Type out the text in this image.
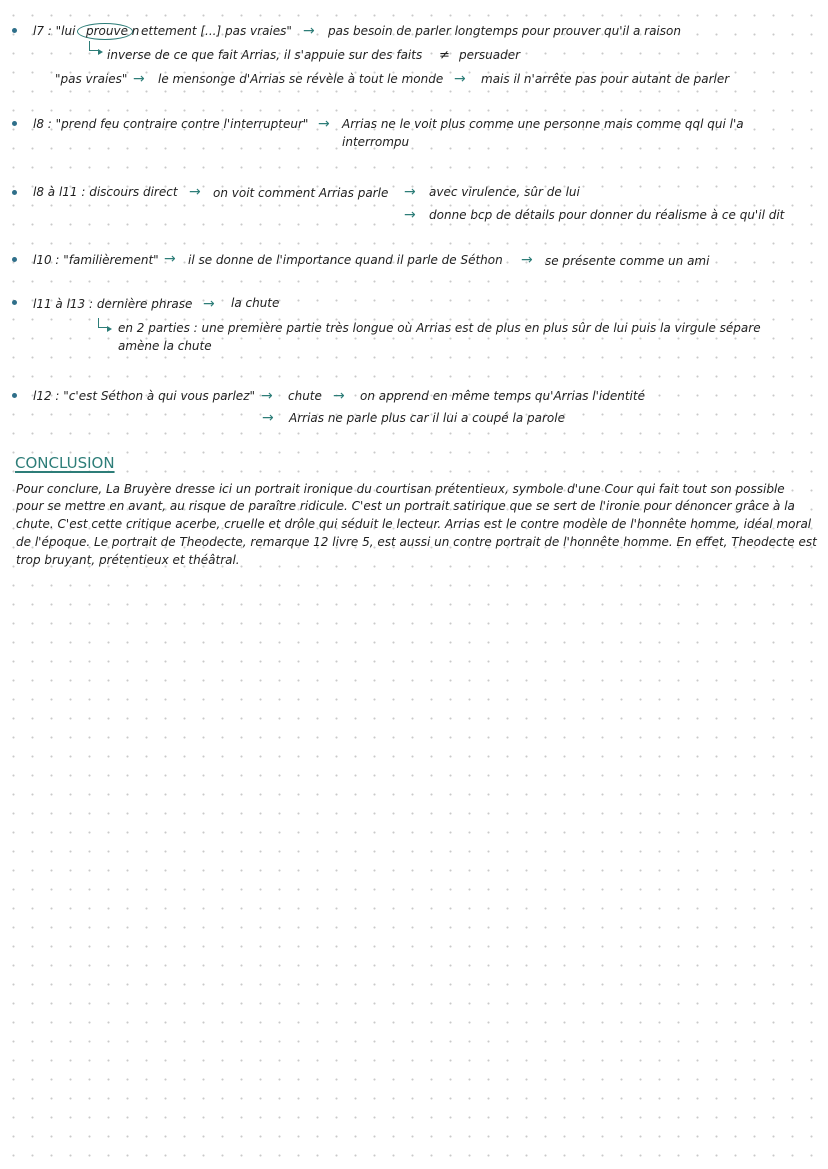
l7 : "lui prouve n ettement [...] pas vraies" → pas besoin de parler longtemps pour prouver qu'il a raison
inverse de ce que fait Arrias, il s'appuie sur des faits ≠ persuader
"pas vraies" → le mensonge d'Arrias se révèle à tout le monde → mais il n'arrête pas pour autant de parler
l8 : "prend feu contraire contre l'interrupteur" → Arrias ne le voit plus comme une personne mais comme qql qui l'a
interrompu
l8 à l11 : discours direct → on voit comment Arrias parle → avec virulence, sûr de lui
→ donne bcp de détails pour donner du réalisme à ce qu'il dit
l10 : "familièrement" → il se donne de l'importance quand il parle de Séthon → se présente comme un ami
l11 à l13 : dernière phrase → la chute
en 2 parties : une première partie très longue où Arrias est de plus en plus sûr de lui puis la virgule sépare
amène la chute
l12 : "c'est Séthon à qui vous parlez" → chute → on apprend en même temps qu'Arrias l'identité
→ Arrias ne parle plus car il lui a coupé la parole
CONCLUSION
Pour conclure, La Bruyère dresse ici un portrait ironique du courtisan prétentieux, symbole d'une Cour qui fait tout son possible
pour se mettre en avant, au risque de paraître ridicule. C'est un portrait satirique que se sert de l'ironie pour dénoncer grâce à la
chute. C'est cette critique acerbe, cruelle et drôle qui séduit le lecteur. Arrias est le contre modèle de l'honnête homme, idéal moral
de l'époque. Le portrait de Theodecte, remarque 12 livre 5, est aussi un contre portrait de l'honnête homme. En effet, Theodecte est
trop bruyant, prétentieux et théâtral.
